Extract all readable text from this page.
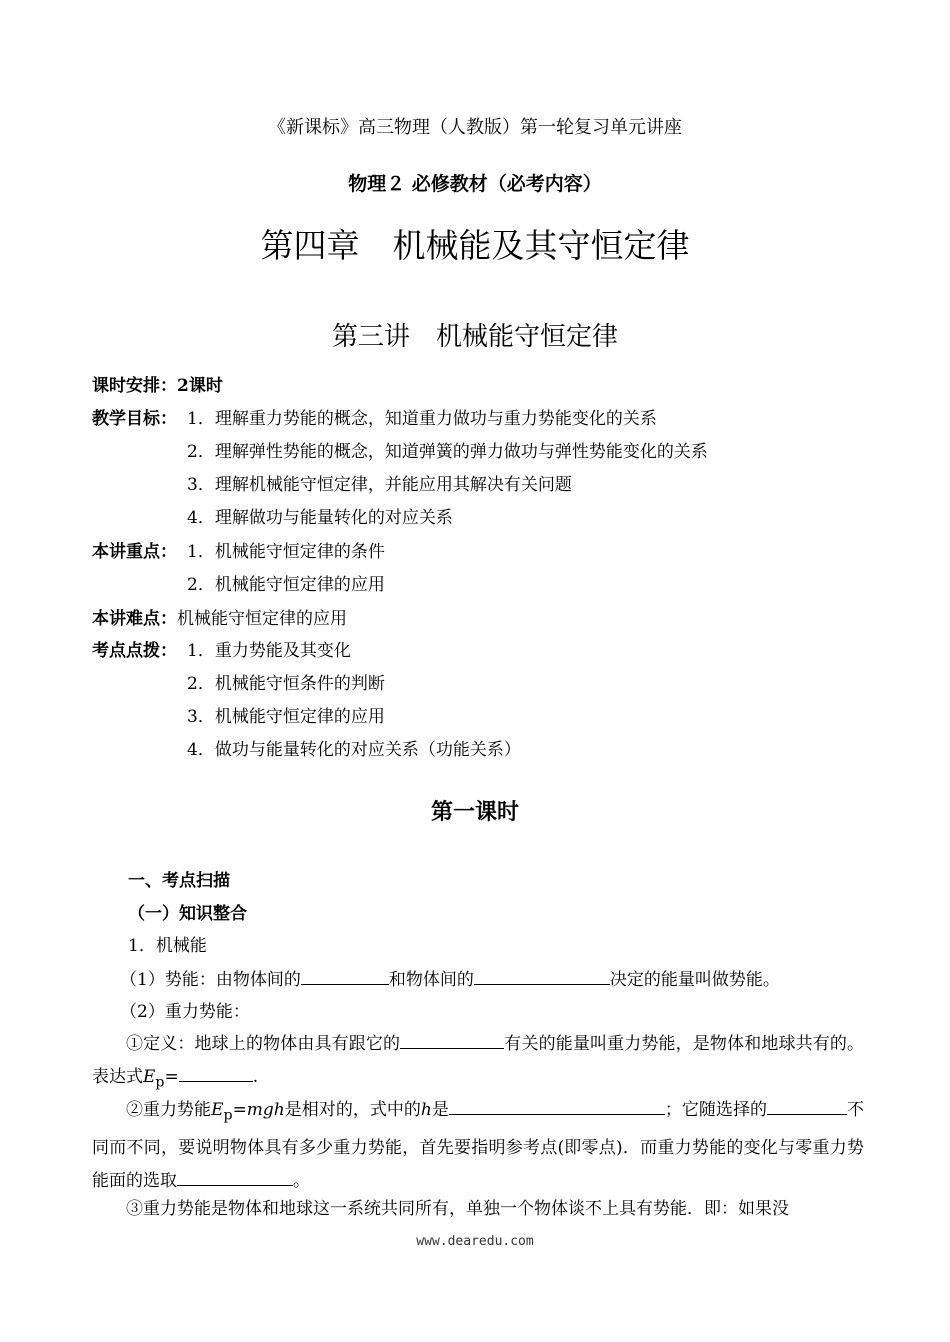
《新课标》高三物理（人教版）第一轮复习单元讲座
物理２ 必修教材（必考内容）
第四章　机械能及其守恒定律
第三讲　机械能守恒定律
课时安排：2课时
教学目标： 1．理解重力势能的概念，知道重力做功与重力势能变化的关系
2．理解弹性势能的概念，知道弹簧的弹力做功与弹性势能变化的关系
3．理解机械能守恒定律，并能应用其解决有关问题
4．理解做功与能量转化的对应关系
本讲重点： 1．机械能守恒定律的条件
2．机械能守恒定律的应用
本讲难点：机械能守恒定律的应用
考点点拨： 1．重力势能及其变化
2．机械能守恒条件的判断
3．机械能守恒定律的应用
4．做功与能量转化的对应关系（功能关系）
第一课时
一、考点扫描
（一）知识整合
1．机械能
（1）势能：由物体间的	和物体间的	决定的能量叫做势能。
（2）重力势能：
①定义：地球上的物体由具有跟它的	有关的能量叫重力势能，是物体和地球共有的。表达式$E_p=$	.
②重力势能$E_p=mgh$是相对的，式中的h是	；它随选择的	不同而不同，要说明物体具有多少重力势能，首先要指明参考点(即零点)．而重力势能的变化与零重力势能面的选取	。
③重力势能是物体和地球这一系统共同所有，单独一个物体谈不上具有势能．即：如果没
www.dearedu.com
